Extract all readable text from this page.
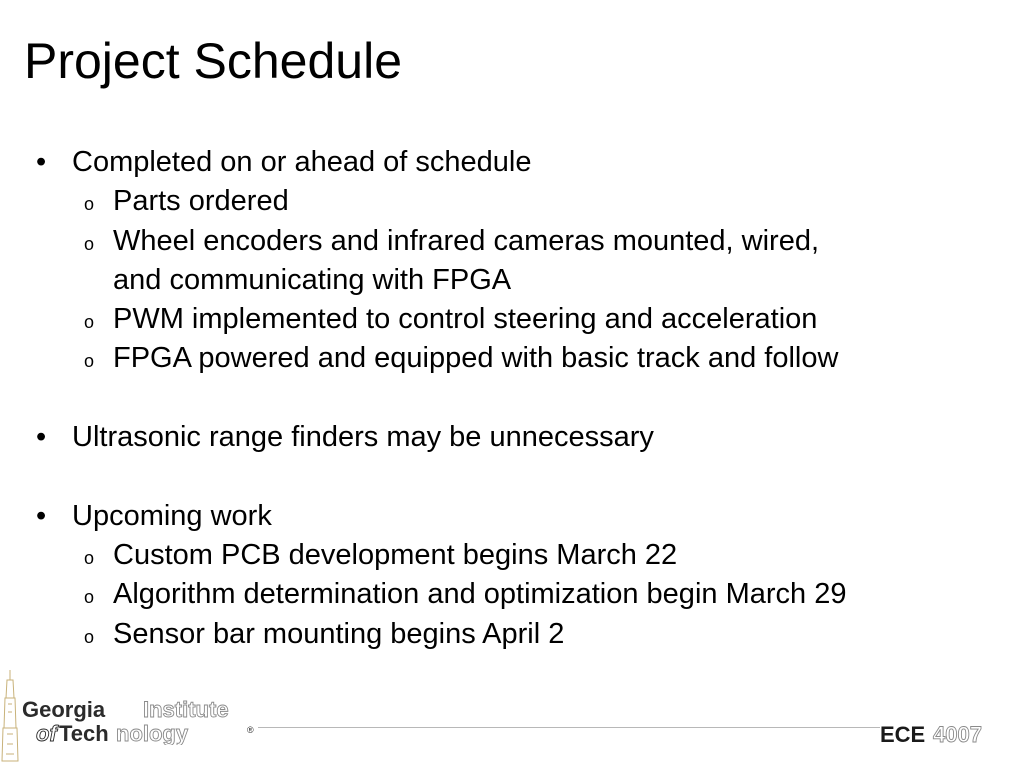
Project Schedule
• Completed on or ahead of schedule
o Parts ordered
o Wheel encoders and infrared cameras mounted, wired,
and communicating with FPGA
o PWM implemented to control steering and acceleration
o FPGA powered and equipped with basic track and follow
• Ultrasonic range finders may be unnecessary
• Upcoming work
o Custom PCB development begins March 22
o Algorithm determination and optimization begin March 29
o Sensor bar mounting begins April 2
Georgia Institute
of Tech nology	®	ECE 4007
